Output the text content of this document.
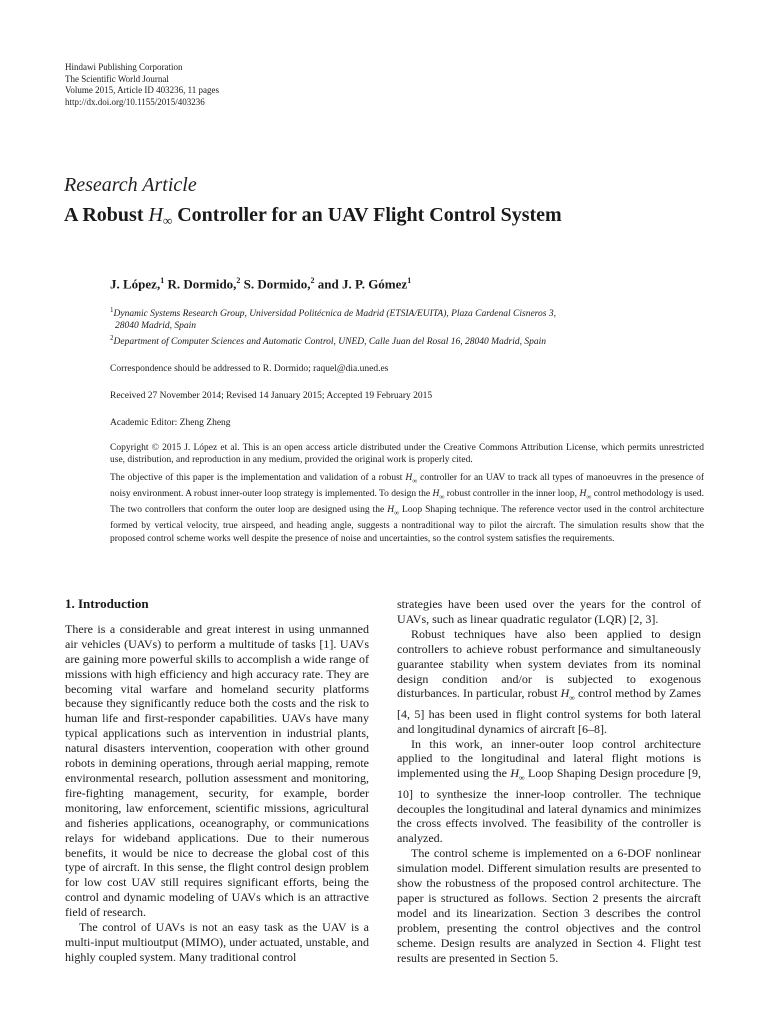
Hindawi Publishing Corporation
The Scientific World Journal
Volume 2015, Article ID 403236, 11 pages
http://dx.doi.org/10.1155/2015/403236
Research Article
A Robust $H_\infty$ Controller for an UAV Flight Control System
J. López,$^1$ R. Dormido,$^2$ S. Dormido,$^2$ and J. P. Gómez$^1$
$^1$Dynamic Systems Research Group, Universidad Politécnica de Madrid (ETSIA/EUITA), Plaza Cardenal Cisneros 3,
28040 Madrid, Spain
$^2$Department of Computer Sciences and Automatic Control, UNED, Calle Juan del Rosal 16, 28040 Madrid, Spain
Correspondence should be addressed to R. Dormido; raquel@dia.uned.es
Received 27 November 2014; Revised 14 January 2015; Accepted 19 February 2015
Academic Editor: Zheng Zheng
Copyright © 2015 J. López et al. This is an open access article distributed under the Creative Commons Attribution License, which permits unrestricted use, distribution, and reproduction in any medium, provided the original work is properly cited.
The objective of this paper is the implementation and validation of a robust $H_\infty$ controller for an UAV to track all types of manoeuvres in the presence of noisy environment. A robust inner-outer loop strategy is implemented. To design the $H_\infty$ robust controller in the inner loop, $H_\infty$ control methodology is used. The two controllers that conform the outer loop are designed using the $H_\infty$ Loop Shaping technique. The reference vector used in the control architecture formed by vertical velocity, true airspeed, and heading angle, suggests a nontraditional way to pilot the aircraft. The simulation results show that the proposed control scheme works well despite the presence of noise and uncertainties, so the control system satisfies the requirements.
1. Introduction

There is a considerable and great interest in using unmanned air vehicles (UAVs) to perform a multitude of tasks [1]. UAVs are gaining more powerful skills to accomplish a wide range of missions with high efficiency and high accuracy rate. They are becoming vital warfare and homeland security platforms because they significantly reduce both the costs and the risk to human life and first-responder capabilities. UAVs have many typical applications such as intervention in industrial plants, natural disasters intervention, cooperation with other ground robots in demining operations, through aerial mapping, remote environmental research, pollution assessment and monitoring, fire-fighting management, security, for example, border monitoring, law enforcement, scientific missions, agricultural and fisheries applications, oceanography, or communications relays for wideband applications. Due to their numerous benefits, it would be nice to decrease the global cost of this type of aircraft. In this sense, the flight control design problem for low cost UAV still requires significant efforts, being the control and dynamic modeling of UAVs which is an attractive field of research.

The control of UAVs is not an easy task as the UAV is a multi-input multioutput (MIMO), under actuated, unstable, and highly coupled system. Many traditional control

strategies have been used over the years for the control of UAVs, such as linear quadratic regulator (LQR) [2, 3].

Robust techniques have also been applied to design controllers to achieve robust performance and simultaneously guarantee stability when system deviates from its nominal design condition and/or is subjected to exogenous disturbances. In particular, robust $H_\infty$ control method by Zames [4, 5] has been used in flight control systems for both lateral and longitudinal dynamics of aircraft [6–8].

In this work, an inner-outer loop control architecture applied to the longitudinal and lateral flight motions is implemented using the $H_\infty$ Loop Shaping Design procedure [9, 10] to synthesize the inner-loop controller. The technique decouples the longitudinal and lateral dynamics and minimizes the cross effects involved. The feasibility of the controller is analyzed.

The control scheme is implemented on a 6-DOF nonlinear simulation model. Different simulation results are presented to show the robustness of the proposed control architecture. The paper is structured as follows. Section 2 presents the aircraft model and its linearization. Section 3 describes the control problem, presenting the control objectives and the control scheme. Design results are analyzed in Section 4. Flight test results are presented in Section 5.
